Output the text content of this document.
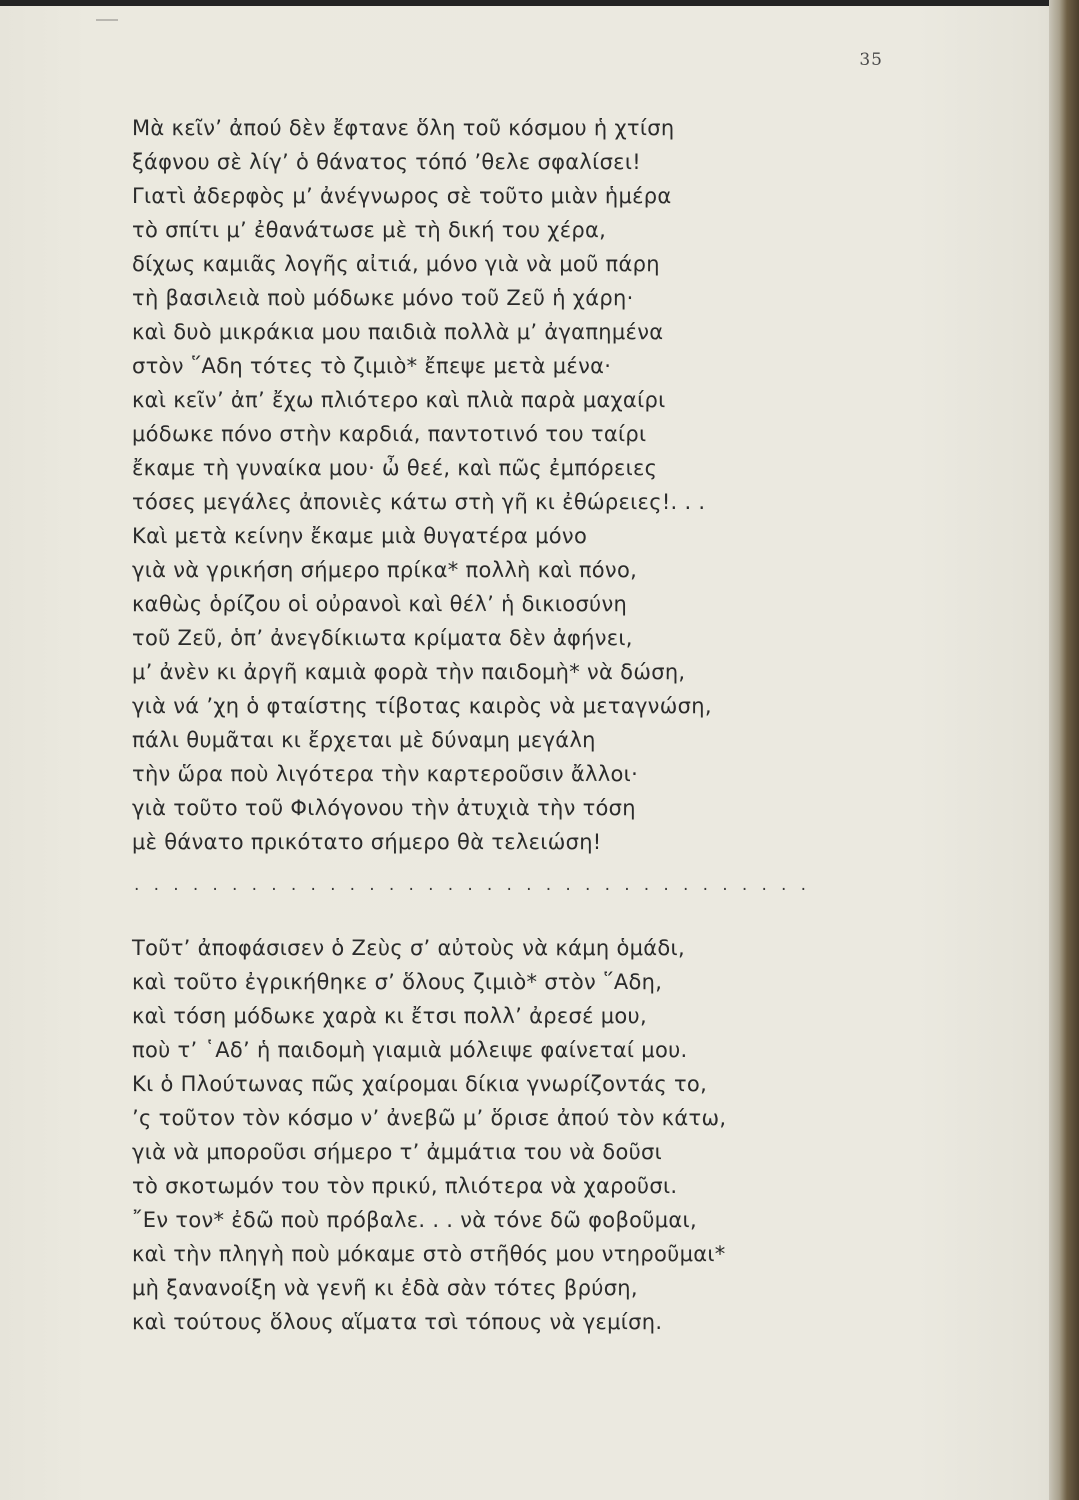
35

Μὰ κεῖν’ ἀπού δὲν ἔφτανε ὅλη τοῦ κόσμου ἡ χτίση
ξάφνου σὲ λίγ’ ὁ θάνατος τόπό ’θελε σφαλίσει!
Γιατὶ ἀδερφὸς μ’ ἀνέγνωρος σὲ τοῦτο μιὰν ἡμέρα
τὸ σπίτι μ’ ἐθανάτωσε μὲ τὴ δική του χέρα,
δίχως καμιᾶς λογῆς αἰτιά, μόνο γιὰ νὰ μοῦ πάρη
τὴ βασιλειὰ ποὺ μόδωκε μόνο τοῦ Ζεῦ ἡ χάρη·
καὶ δυὸ μικράκια μου παιδιὰ πολλὰ μ’ ἀγαπημένα
στὸν ῞Αδη τότες τὸ ζιμιὸ* ἔπεψε μετὰ μένα·
καὶ κεῖν’ ἀπ’ ἔχω πλιότερο καὶ πλιὰ παρὰ μαχαίρι
μόδωκε πόνο στὴν καρδιά, παντοτινό του ταίρι
ἔκαμε τὴ γυναίκα μου· ὦ θεέ, καὶ πῶς ἐμπόρειες
τόσες μεγάλες ἀπονιὲς κάτω στὴ γῆ κι ἐθώρειες!. . .
Καὶ μετὰ κείνην ἔκαμε μιὰ θυγατέρα μόνο
γιὰ νὰ γρικήση σήμερο πρίκα* πολλὴ καὶ πόνο,
καθὼς ὁρίζου οἱ οὐρανοὶ καὶ θέλ’ ἡ δικιοσύνη
τοῦ Ζεῦ, ὁπ’ ἀνεγδίκιωτα κρίματα δὲν ἀφήνει,
μ’ ἀνὲν κι ἀργῆ καμιὰ φορὰ τὴν παιδομὴ* νὰ δώση,
γιὰ νά ’χη ὁ φταίστης τίβοτας καιρὸς νὰ μεταγνώση,
πάλι θυμᾶται κι ἔρχεται μὲ δύναμη μεγάλη
τὴν ὥρα ποὺ λιγότερα τὴν καρτεροῦσιν ἄλλοι·
γιὰ τοῦτο τοῦ Φιλόγονου τὴν ἀτυχιὰ τὴν τόση
μὲ θάνατο πρικότατο σήμερο θὰ τελειώση!
. . . . . . . . . . . . . . . . . . . . . . . . . . . . . . . . . . .
Τοῦτ’ ἀποφάσισεν ὁ Ζεὺς σ’ αὐτοὺς νὰ κάμη ὁμάδι,
καὶ τοῦτο ἐγρικήθηκε σ’ ὅλους ζιμιὸ* στὸν ῞Αδη,
καὶ τόση μόδωκε χαρὰ κι ἔτσι πολλ’ ἀρεσέ μου,
ποὺ τ’ ῾Αδ’ ἡ παιδομὴ γιαμιὰ μόλειψε φαίνεταί μου.
Κι ὁ Πλούτωνας πῶς χαίρομαι δίκια γνωρίζοντάς το,
’ς τοῦτον τὸν κόσμο ν’ ἀνεβῶ μ’ ὅρισε ἀπού τὸν κάτω,
γιὰ νὰ μποροῦσι σήμερο τ’ ἀμμάτια του νὰ δοῦσι
τὸ σκοτωμόν του τὸν πρικύ, πλιότερα νὰ χαροῦσι.
῎Εν τον* ἐδῶ ποὺ πρόβαλε. . . νὰ τόνε δῶ φοβοῦμαι,
καὶ τὴν πληγὴ ποὺ μόκαμε στὸ στῆθός μου ντηροῦμαι*
μὴ ξανανοίξη νὰ γενῆ κι ἐδὰ σὰν τότες βρύση,
καὶ τούτους ὅλους αἵματα τσὶ τόπους νὰ γεμίση.
